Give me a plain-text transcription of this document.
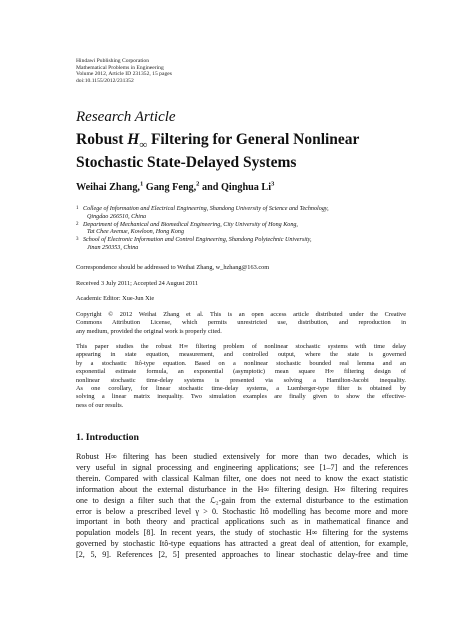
Hindawi Publishing Corporation
Mathematical Problems in Engineering
Volume 2012, Article ID 231352, 15 pages
doi:10.1155/2012/231352
Research Article
Robust $H_\infty$ Filtering for General Nonlinear
Stochastic State-Delayed Systems
Weihai Zhang,$^1$ Gang Feng,$^2$ and Qinghua Li$^3$
1 College of Information and Electrical Engineering, Shandong University of Science and Technology,
Qingdao 266510, China
2 Department of Mechanical and Biomedical Engineering, City University of Hong Kong,
Tat Chee Avenue, Kowloon, Hong Kong
3 School of Electronic Information and Control Engineering, Shandong Polytechnic University,
Jinan 250353, China
Correspondence should be addressed to Weihai Zhang, w_hzhang@163.com
Received 3 July 2011; Accepted 24 August 2011
Academic Editor: Xue-Jun Xie
Copyright © 2012 Weihai Zhang et al. This is an open access article distributed under the Creative
Commons Attribution License, which permits unrestricted use, distribution, and reproduction in
any medium, provided the original work is properly cited.
This paper studies the robust H∞ filtering problem of nonlinear stochastic systems with time delay
appearing in state equation, measurement, and controlled output, where the state is governed
by a stochastic Itô-type equation. Based on a nonlinear stochastic bounded real lemma and an
exponential estimate formula, an exponential (asymptotic) mean square H∞ filtering design of
nonlinear stochastic time-delay systems is presented via solving a Hamilton-Jacobi inequality.
As one corollary, for linear stochastic time-delay systems, a Luenberger-type filter is obtained by
solving a linear matrix inequality. Two simulation examples are finally given to show the effective-
ness of our results.
1. Introduction
Robust H∞ filtering has been studied extensively for more than two decades, which is
very useful in signal processing and engineering applications; see [1–7] and the references
therein. Compared with classical Kalman filter, one does not need to know the exact statistic
information about the external disturbance in the H∞ filtering design. H∞ filtering requires
one to design a filter such that the ℒ₂-gain from the external disturbance to the estimation
error is below a prescribed level γ > 0. Stochastic Itô modelling has become more and more
important in both theory and practical applications such as in mathematical finance and
population models [8]. In recent years, the study of stochastic H∞ filtering for the systems
governed by stochastic Itô-type equations has attracted a great deal of attention, for example,
[2, 5, 9]. References [2, 5] presented approaches to linear stochastic delay-free and time
